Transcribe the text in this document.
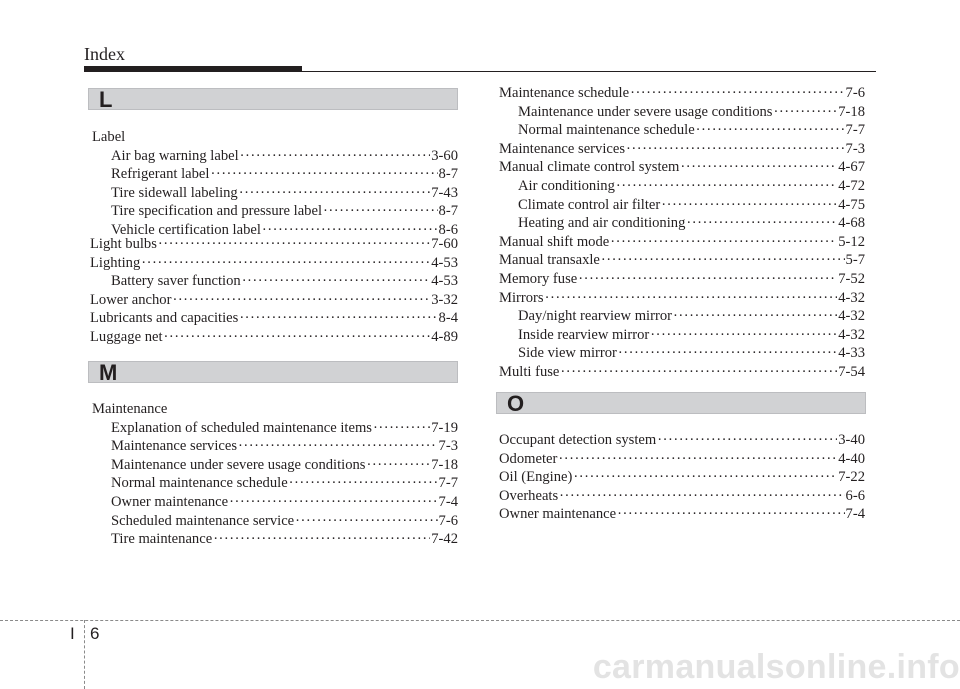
Index
L
Label
Air bag warning label ·····	3-60
Refrigerant label ·····	8-7
Tire sidewall labeling ·····	7-43
Tire specification and pressure label ·····	8-7
Vehicle certification label ·····	8-6
Light bulbs ·····	7-60
Lighting ·····	4-53
Battery saver function ·····	4-53
Lower anchor ·····	3-32
Lubricants and capacities ·····	8-4
Luggage net ·····	4-89
M
Maintenance
Explanation of scheduled maintenance items ·····	7-19
Maintenance services ·····	7-3
Maintenance under severe usage conditions ·····	7-18
Normal maintenance schedule ·····	7-7
Owner maintenance ·····	7-4
Scheduled maintenance service ·····	7-6
Tire maintenance ·····	7-42
Maintenance schedule ·····	7-6
Maintenance under severe usage conditions ·····	7-18
Normal maintenance schedule ·····	7-7
Maintenance services ·····	7-3
Manual climate control system ·····	4-67
Air conditioning ·····	4-72
Climate control air filter ·····	4-75
Heating and air conditioning ·····	4-68
Manual shift mode ·····	5-12
Manual transaxle ·····	5-7
Memory fuse ·····	7-52
Mirrors ·····	4-32
Day/night rearview mirror ·····	4-32
Inside rearview mirror ·····	4-32
Side view mirror ·····	4-33
Multi fuse ·····	7-54
O
Occupant detection system ·····	3-40
Odometer ·····	4-40
Oil (Engine) ·····	7-22
Overheats ·····	6-6
Owner maintenance ·····	7-4
I 6
carmanualsonline.info
